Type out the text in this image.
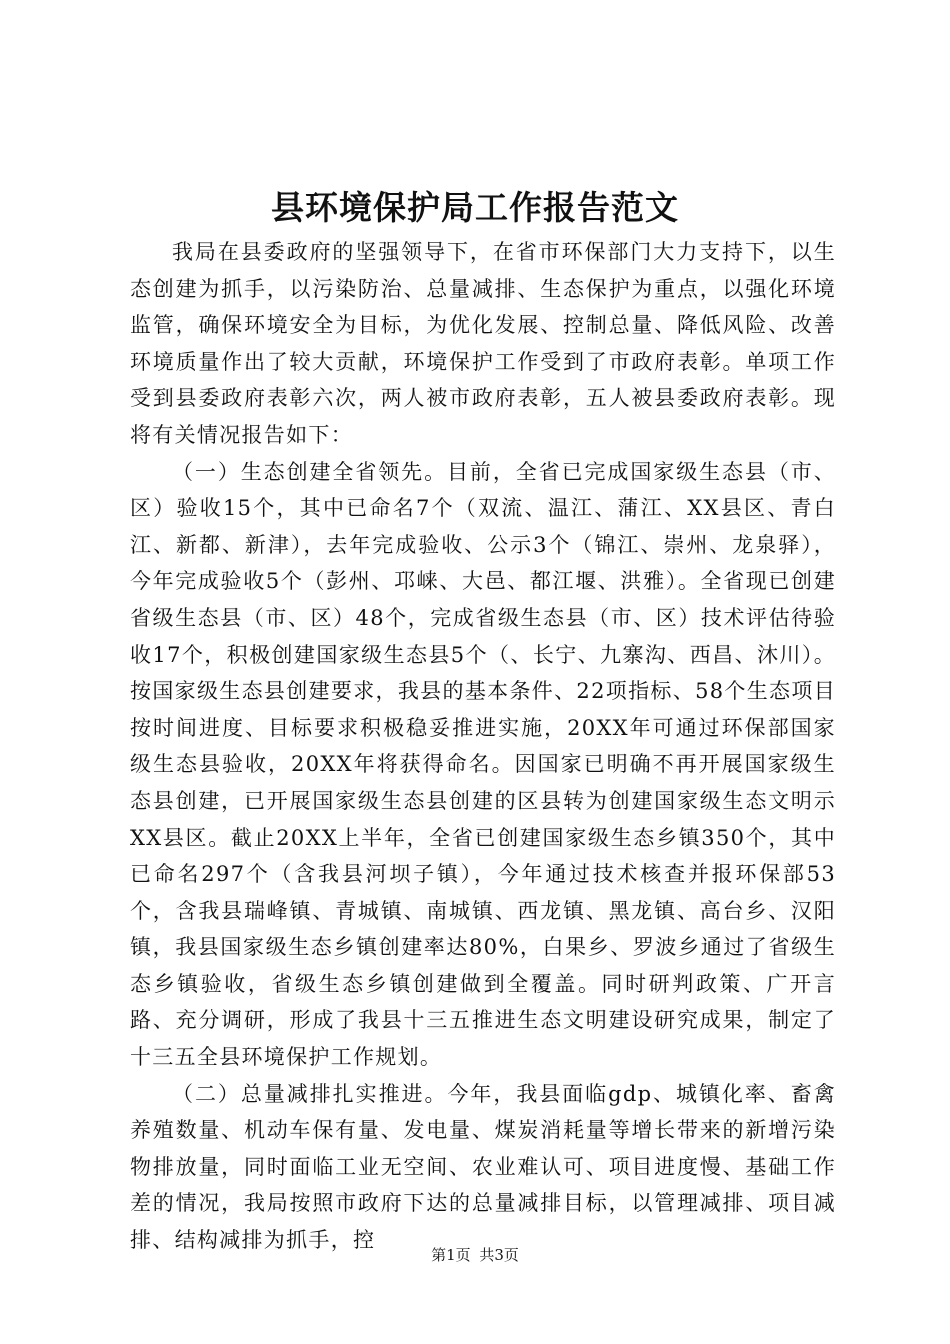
县环境保护局工作报告范文

我局在县委政府的坚强领导下，在省市环保部门大力支持下，以生态创建为抓手，以污染防治、总量减排、生态保护为重点，以强化环境监管，确保环境安全为目标，为优化发展、控制总量、降低风险、改善环境质量作出了较大贡献，环境保护工作受到了市政府表彰。单项工作受到县委政府表彰六次，两人被市政府表彰，五人被县委政府表彰。现将有关情况报告如下：

（一）生态创建全省领先。目前，全省已完成国家级生态县（市、区）验收15个，其中已命名7个（双流、温江、蒲江、XX县区、青白江、新都、新津），去年完成验收、公示3个（锦江、崇州、龙泉驿），今年完成验收5个（彭州、邛崃、大邑、都江堰、洪雅）。全省现已创建省级生态县（市、区）48个，完成省级生态县（市、区）技术评估待验收17个，积极创建国家级生态县5个（、长宁、九寨沟、西昌、沐川）。按国家级生态县创建要求，我县的基本条件、22项指标、58个生态项目按时间进度、目标要求积极稳妥推进实施，20XX年可通过环保部国家级生态县验收，20XX年将获得命名。因国家已明确不再开展国家级生态县创建，已开展国家级生态县创建的区县转为创建国家级生态文明示XX县区。截止20XX上半年，全省已创建国家级生态乡镇350个，其中已命名297个（含我县河坝子镇），今年通过技术核查并报环保部53个，含我县瑞峰镇、青城镇、南城镇、西龙镇、黑龙镇、高台乡、汉阳镇，我县国家级生态乡镇创建率达80%，白果乡、罗波乡通过了省级生态乡镇验收，省级生态乡镇创建做到全覆盖。同时研判政策、广开言路、充分调研，形成了我县十三五推进生态文明建设研究成果，制定了十三五全县环境保护工作规划。

（二）总量减排扎实推进。今年，我县面临gdp、城镇化率、畜禽养殖数量、机动车保有量、发电量、煤炭消耗量等增长带来的新增污染物排放量，同时面临工业无空间、农业难认可、项目进度慢、基础工作差的情况，我局按照市政府下达的总量减排目标，以管理减排、项目减排、结构减排为抓手，控

第1页 共3页
